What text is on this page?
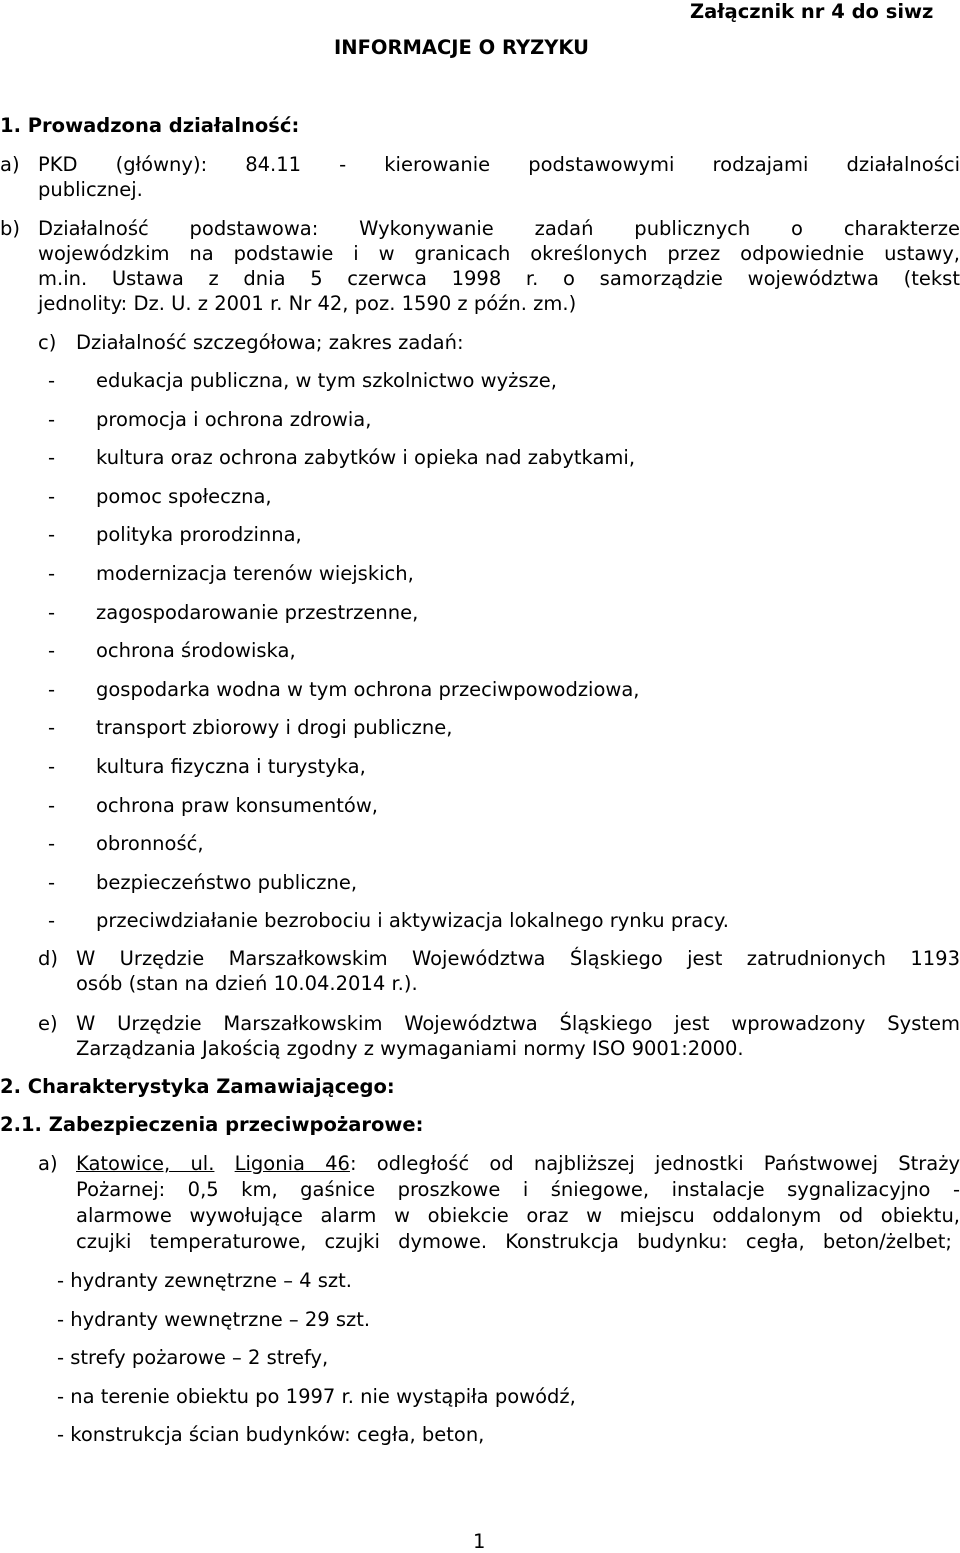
Załącznik nr 4 do siwz
INFORMACJE O RYZYKU
1. Prowadzona działalność:
a) PKD (główny): 84.11 - kierowanie podstawowymi rodzajami działalności
publicznej.
b) Działalność podstawowa: Wykonywanie zadań publicznych o charakterze
wojewódzkim na podstawie i w granicach określonych przez odpowiednie ustawy,
m.in. Ustawa z dnia 5 czerwca 1998 r. o samorządzie województwa (tekst
jednolity: Dz. U. z 2001 r. Nr 42, poz. 1590 z późn. zm.)
c) Działalność szczegółowa; zakres zadań:
- edukacja publiczna, w tym szkolnictwo wyższe,
- promocja i ochrona zdrowia,
- kultura oraz ochrona zabytków i opieka nad zabytkami,
- pomoc społeczna,
- polityka prorodzinna,
- modernizacja terenów wiejskich,
- zagospodarowanie przestrzenne,
- ochrona środowiska,
- gospodarka wodna w tym ochrona przeciwpowodziowa,
- transport zbiorowy i drogi publiczne,
- kultura fizyczna i turystyka,
- ochrona praw konsumentów,
- obronność,
- bezpieczeństwo publiczne,
- przeciwdziałanie bezrobociu i aktywizacja lokalnego rynku pracy.
d) W Urzędzie Marszałkowskim Województwa Śląskiego jest zatrudnionych 1193
osób (stan na dzień 10.04.2014 r.).
e) W Urzędzie Marszałkowskim Województwa Śląskiego jest wprowadzony System
Zarządzania Jakością zgodny z wymaganiami normy ISO 9001:2000.
2. Charakterystyka Zamawiającego:
2.1. Zabezpieczenia przeciwpożarowe:
a) Katowice, ul. Ligonia 46: odległość od najbliższej jednostki Państwowej Straży
Pożarnej: 0,5 km, gaśnice proszkowe i śniegowe, instalacje sygnalizacyjno -
alarmowe wywołujące alarm w obiekcie oraz w miejscu oddalonym od obiektu,
czujki temperaturowe, czujki dymowe. Konstrukcja budynku: cegła, beton/żelbet;
- hydranty zewnętrzne – 4 szt.
- hydranty wewnętrzne – 29 szt.
- strefy pożarowe – 2 strefy,
- na terenie obiektu po 1997 r. nie wystąpiła powódź,
- konstrukcja ścian budynków: cegła, beton,
1
